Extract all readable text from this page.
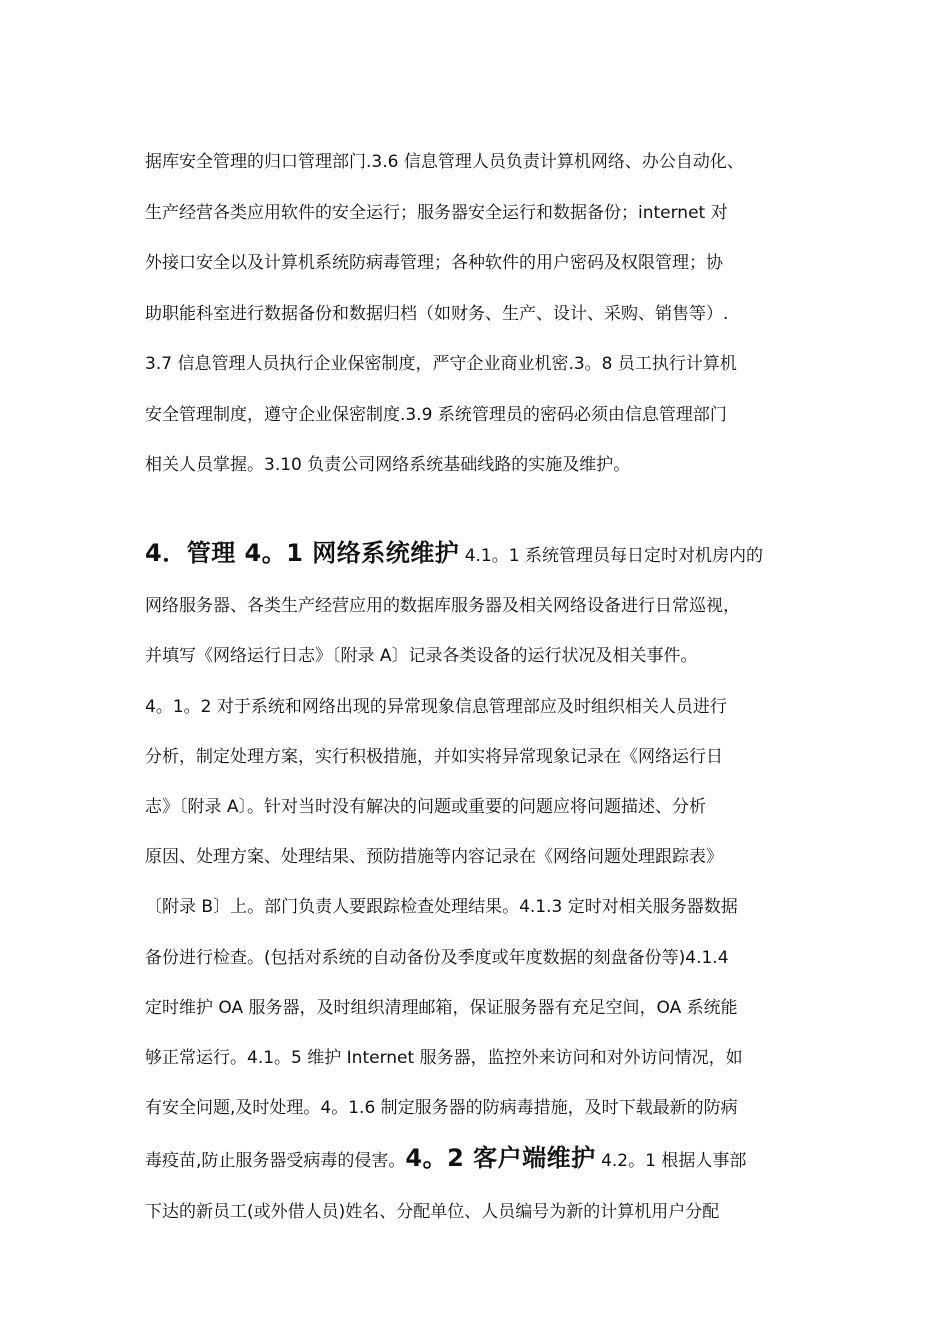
据库安全管理的归口管理部门.3.6 信息管理人员负责计算机网络、办公自动化、
生产经营各类应用软件的安全运行；服务器安全运行和数据备份；internet 对
外接口安全以及计算机系统防病毒管理；各种软件的用户密码及权限管理；协
助职能科室进行数据备份和数据归档（如财务、生产、设计、采购、销售等）.
3.7 信息管理人员执行企业保密制度，严守企业商业机密.3。8 员工执行计算机
安全管理制度，遵守企业保密制度.3.9 系统管理员的密码必须由信息管理部门
相关人员掌握。3.10 负责公司网络系统基础线路的实施及维护。
4．管理 4。1 网络系统维护 4.1。1 系统管理员每日定时对机房内的
网络服务器、各类生产经营应用的数据库服务器及相关网络设备进行日常巡视，
并填写《网络运行日志》〔附录 A〕记录各类设备的运行状况及相关事件。
4。1。2 对于系统和网络出现的异常现象信息管理部应及时组织相关人员进行
分析，制定处理方案，实行积极措施，并如实将异常现象记录在《网络运行日
志》〔附录 A〕。针对当时没有解决的问题或重要的问题应将问题描述、分析
原因、处理方案、处理结果、预防措施等内容记录在《网络问题处理跟踪表》
〔附录 B〕上。部门负责人要跟踪检查处理结果。4.1.3 定时对相关服务器数据
备份进行检查。(包括对系统的自动备份及季度或年度数据的刻盘备份等)4.1.4
定时维护 OA 服务器，及时组织清理邮箱，保证服务器有充足空间，OA 系统能
够正常运行。4.1。5 维护 Internet 服务器，监控外来访问和对外访问情况，如
有安全问题,及时处理。4。1.6 制定服务器的防病毒措施，及时下载最新的防病
毒疫苗,防止服务器受病毒的侵害。4。2 客户端维护 4.2。1 根据人事部
下达的新员工(或外借人员)姓名、分配单位、人员编号为新的计算机用户分配
